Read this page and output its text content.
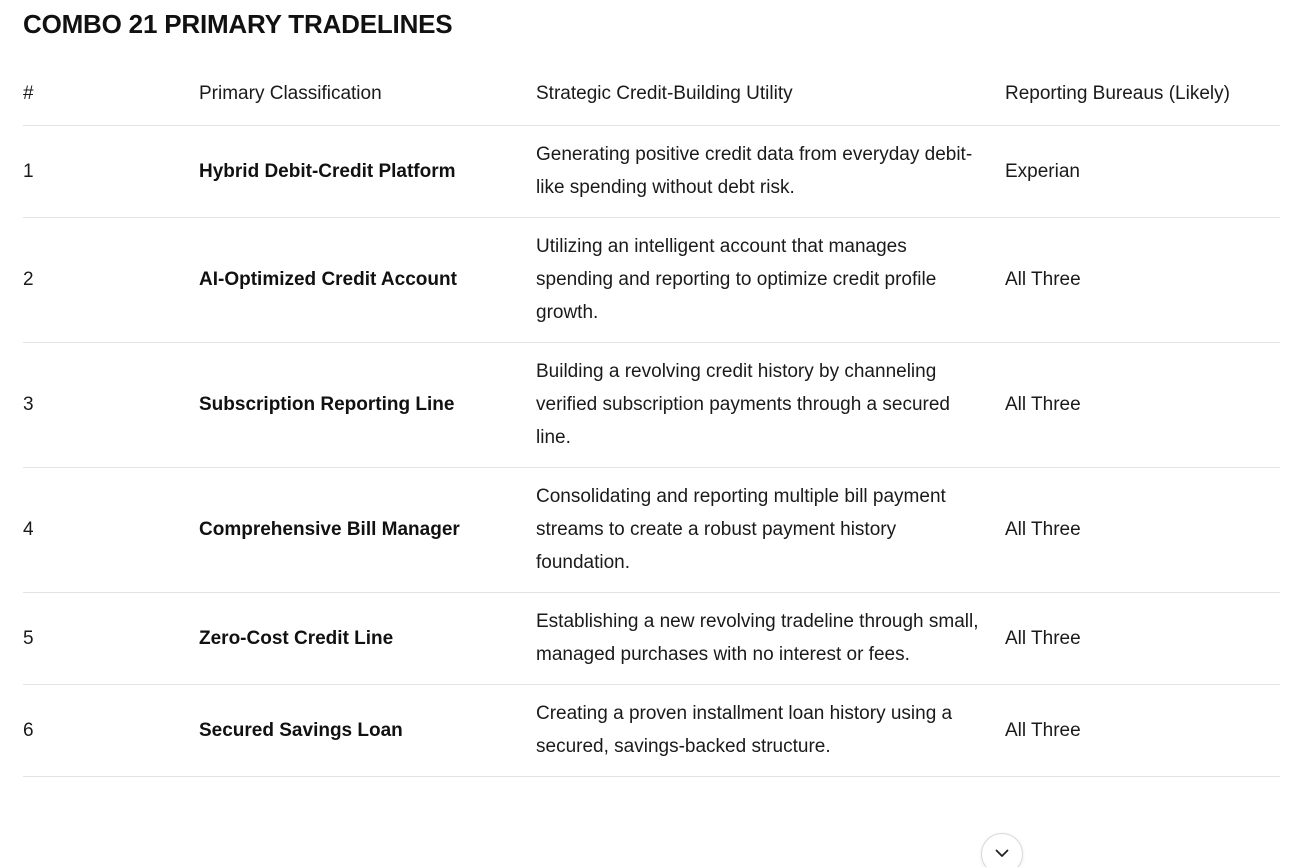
COMBO 21 PRIMARY TRADELINES
#	Primary Classification	Strategic Credit-Building Utility	Reporting Bureaus (Likely)
1	Hybrid Debit-Credit Platform	Generating positive credit data from everyday debit-like spending without debt risk.	Experian
2	AI-Optimized Credit Account	Utilizing an intelligent account that manages spending and reporting to optimize credit profile growth.	All Three
3	Subscription Reporting Line	Building a revolving credit history by channeling verified subscription payments through a secured line.	All Three
4	Comprehensive Bill Manager	Consolidating and reporting multiple bill payment streams to create a robust payment history foundation.	All Three
5	Zero-Cost Credit Line	Establishing a new revolving tradeline through small, managed purchases with no interest or fees.	All Three
6	Secured Savings Loan	Creating a proven installment loan history using a secured, savings-backed structure.	All Three
